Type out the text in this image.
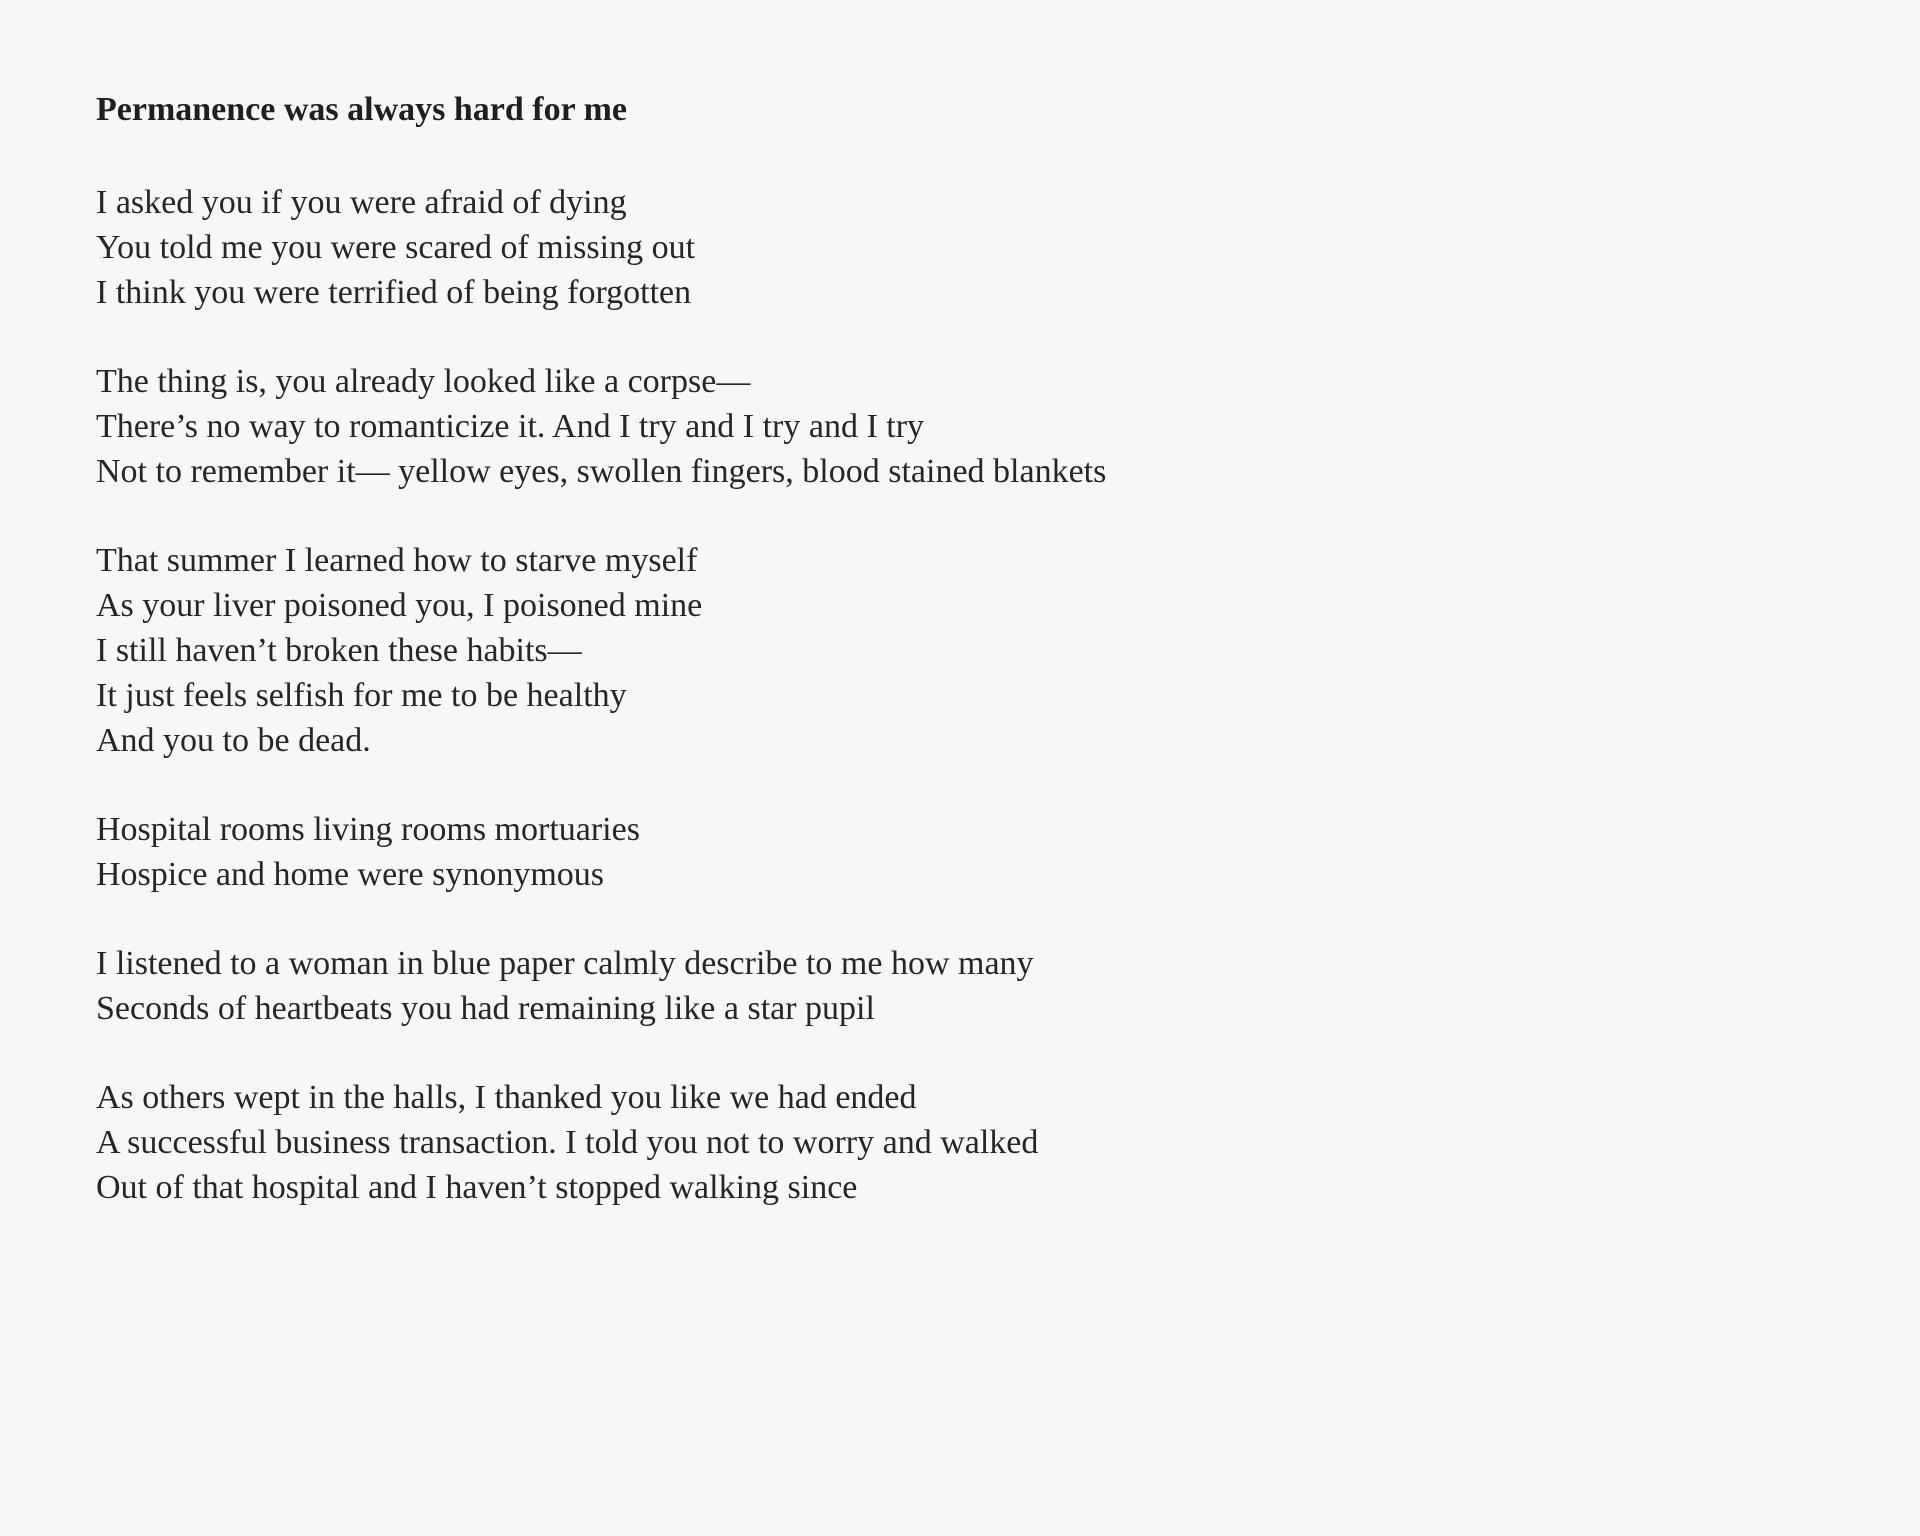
Permanence was always hard for me
I asked you if you were afraid of dying
You told me you were scared of missing out
I think you were terrified of being forgotten
The thing is, you already looked like a corpse—
There’s no way to romanticize it. And I try and I try and I try
Not to remember it— yellow eyes, swollen fingers, blood stained blankets
That summer I learned how to starve myself
As your liver poisoned you, I poisoned mine
I still haven’t broken these habits—
It just feels selfish for me to be healthy
And you to be dead.
Hospital rooms living rooms mortuaries
Hospice and home were synonymous
I listened to a woman in blue paper calmly describe to me how many
Seconds of heartbeats you had remaining like a star pupil
As others wept in the halls, I thanked you like we had ended
A successful business transaction. I told you not to worry and walked
Out of that hospital and I haven’t stopped walking since
